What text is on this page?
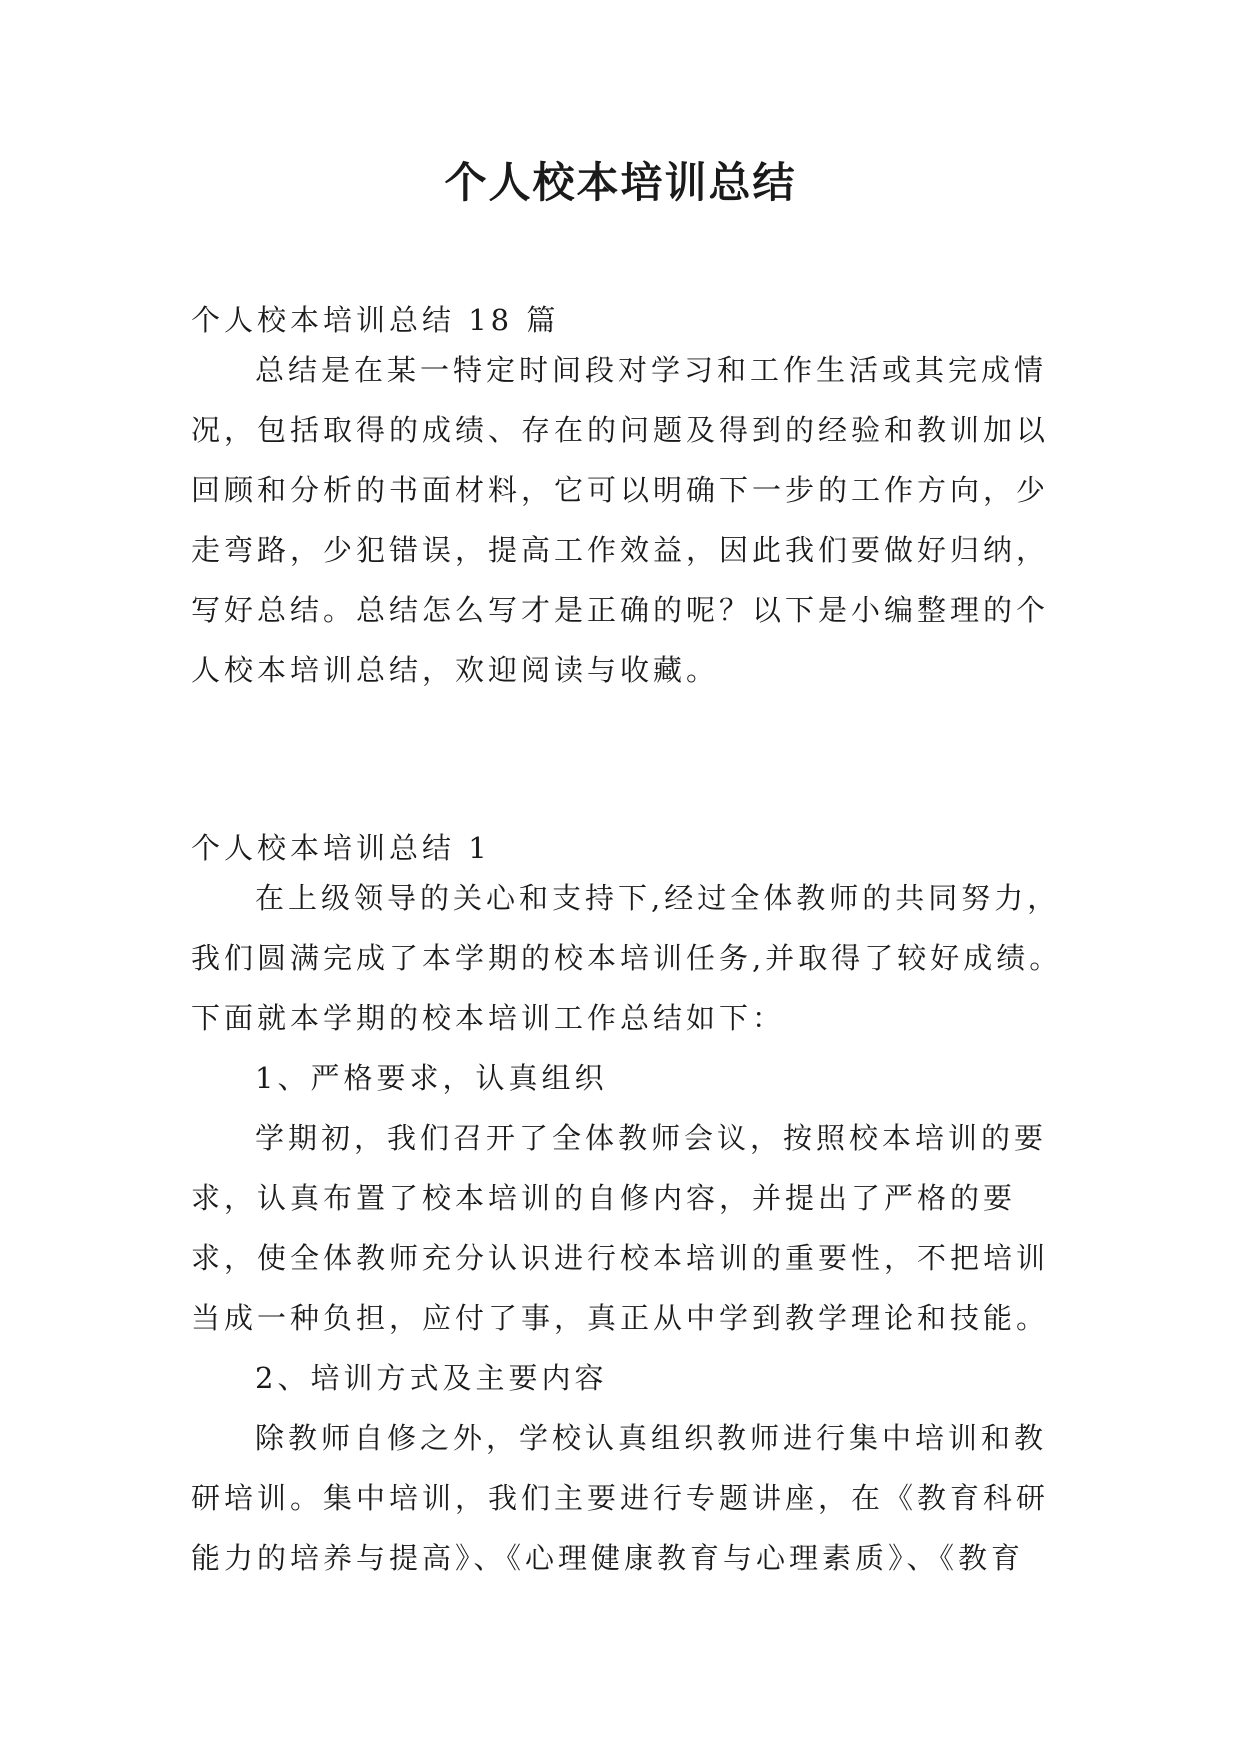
个人校本培训总结
个人校本培训总结 18 篇
总结是在某一特定时间段对学习和工作生活或其完成情况，包括取得的成绩、存在的问题及得到的经验和教训加以回顾和分析的书面材料，它可以明确下一步的工作方向，少走弯路，少犯错误，提高工作效益，因此我们要做好归纳，写好总结。总结怎么写才是正确的呢？以下是小编整理的个人校本培训总结，欢迎阅读与收藏。
个人校本培训总结 1

在上级领导的关心和支持下,经过全体教师的共同努力，我们圆满完成了本学期的校本培训任务,并取得了较好成绩。下面就本学期的校本培训工作总结如下：

1、严格要求，认真组织

学期初，我们召开了全体教师会议，按照校本培训的要求，认真布置了校本培训的自修内容，并提出了严格的要求，使全体教师充分认识进行校本培训的重要性，不把培训当成一种负担，应付了事，真正从中学到教学理论和技能。

2、培训方式及主要内容

除教师自修之外，学校认真组织教师进行集中培训和教研培训。集中培训，我们主要进行专题讲座，在《教育科研能力的培养与提高》、《心理健康教育与心理素质》、《教育
